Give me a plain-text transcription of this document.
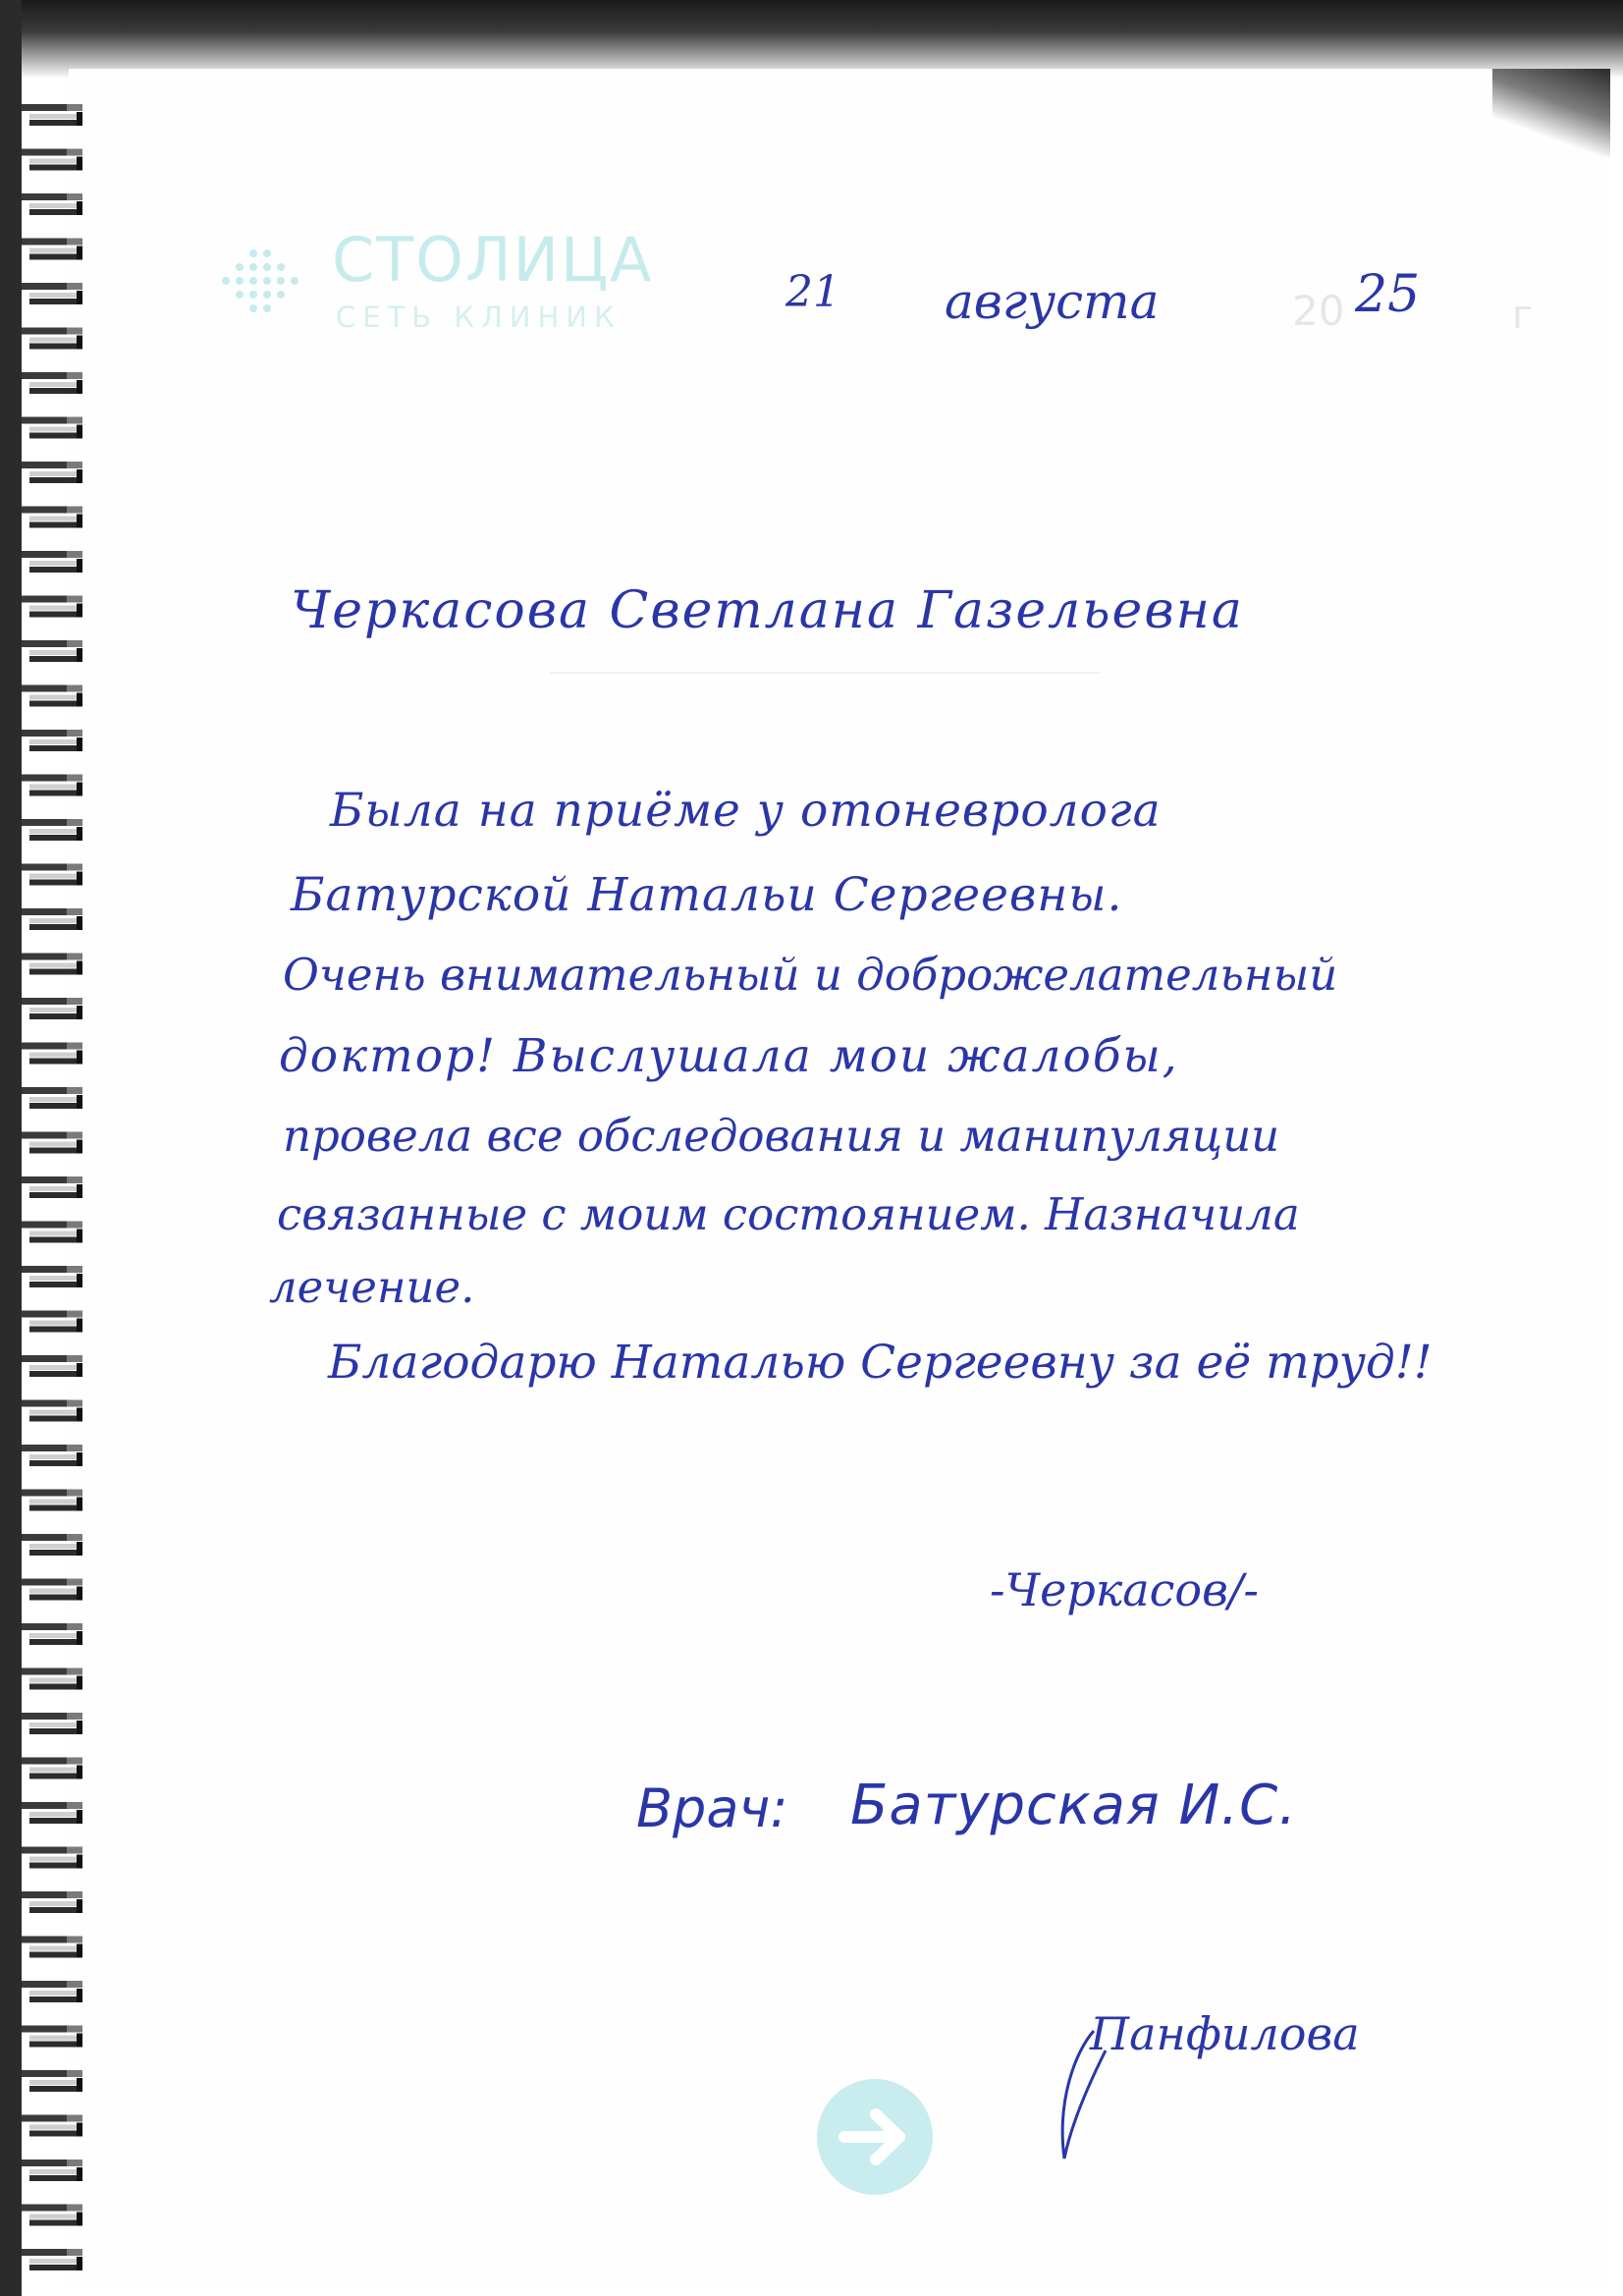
СТОЛИЦА
СЕТЬ КЛИНИК	21 августа	20 25 г
Черкасова Светлана Газельевна
Была на приёме у отоневролога
Батурской Натальи Сергеевны.
Очень внимательный и доброжелательный
доктор! Выслушала мои жалобы,
провела все обследования и манипуляции
связанные с моим состоянием. Назначила
лечение.
Благодарю Наталью Сергеевну за её труд!!
-Черкасов/-
Врач: Батурская И.С.
Панфилова
